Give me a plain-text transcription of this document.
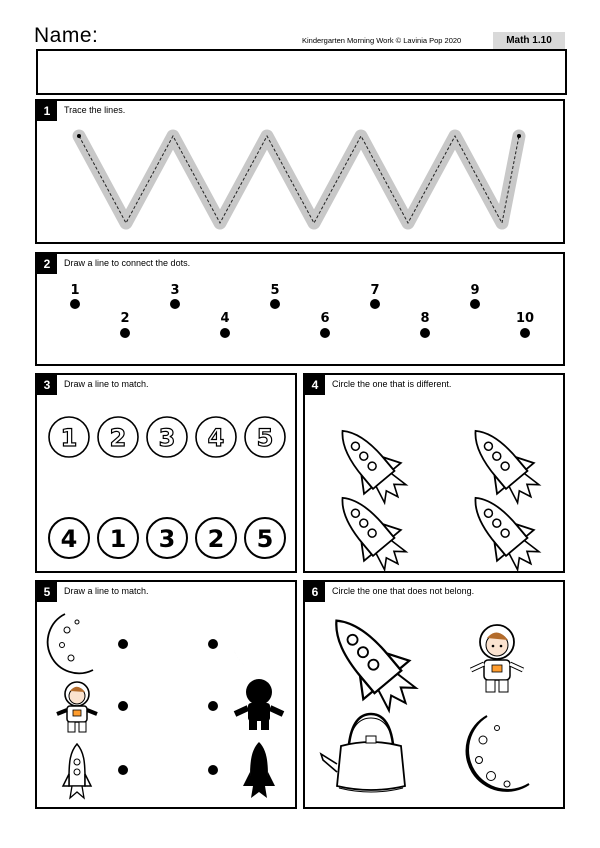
Name:	Kindergarten Morning Work © Lavinia Pop 2020	Math 1.10
1	Trace the lines.
2	Draw a line to connect the dots.
1
2
3
4
5
6
7
8
9
10
3	Draw a line to match.
1 2 3 4 5
4 1 3 2 5
4	Circle the one that is different.
5	Draw a line to match.	6	Circle the one that does not belong.
